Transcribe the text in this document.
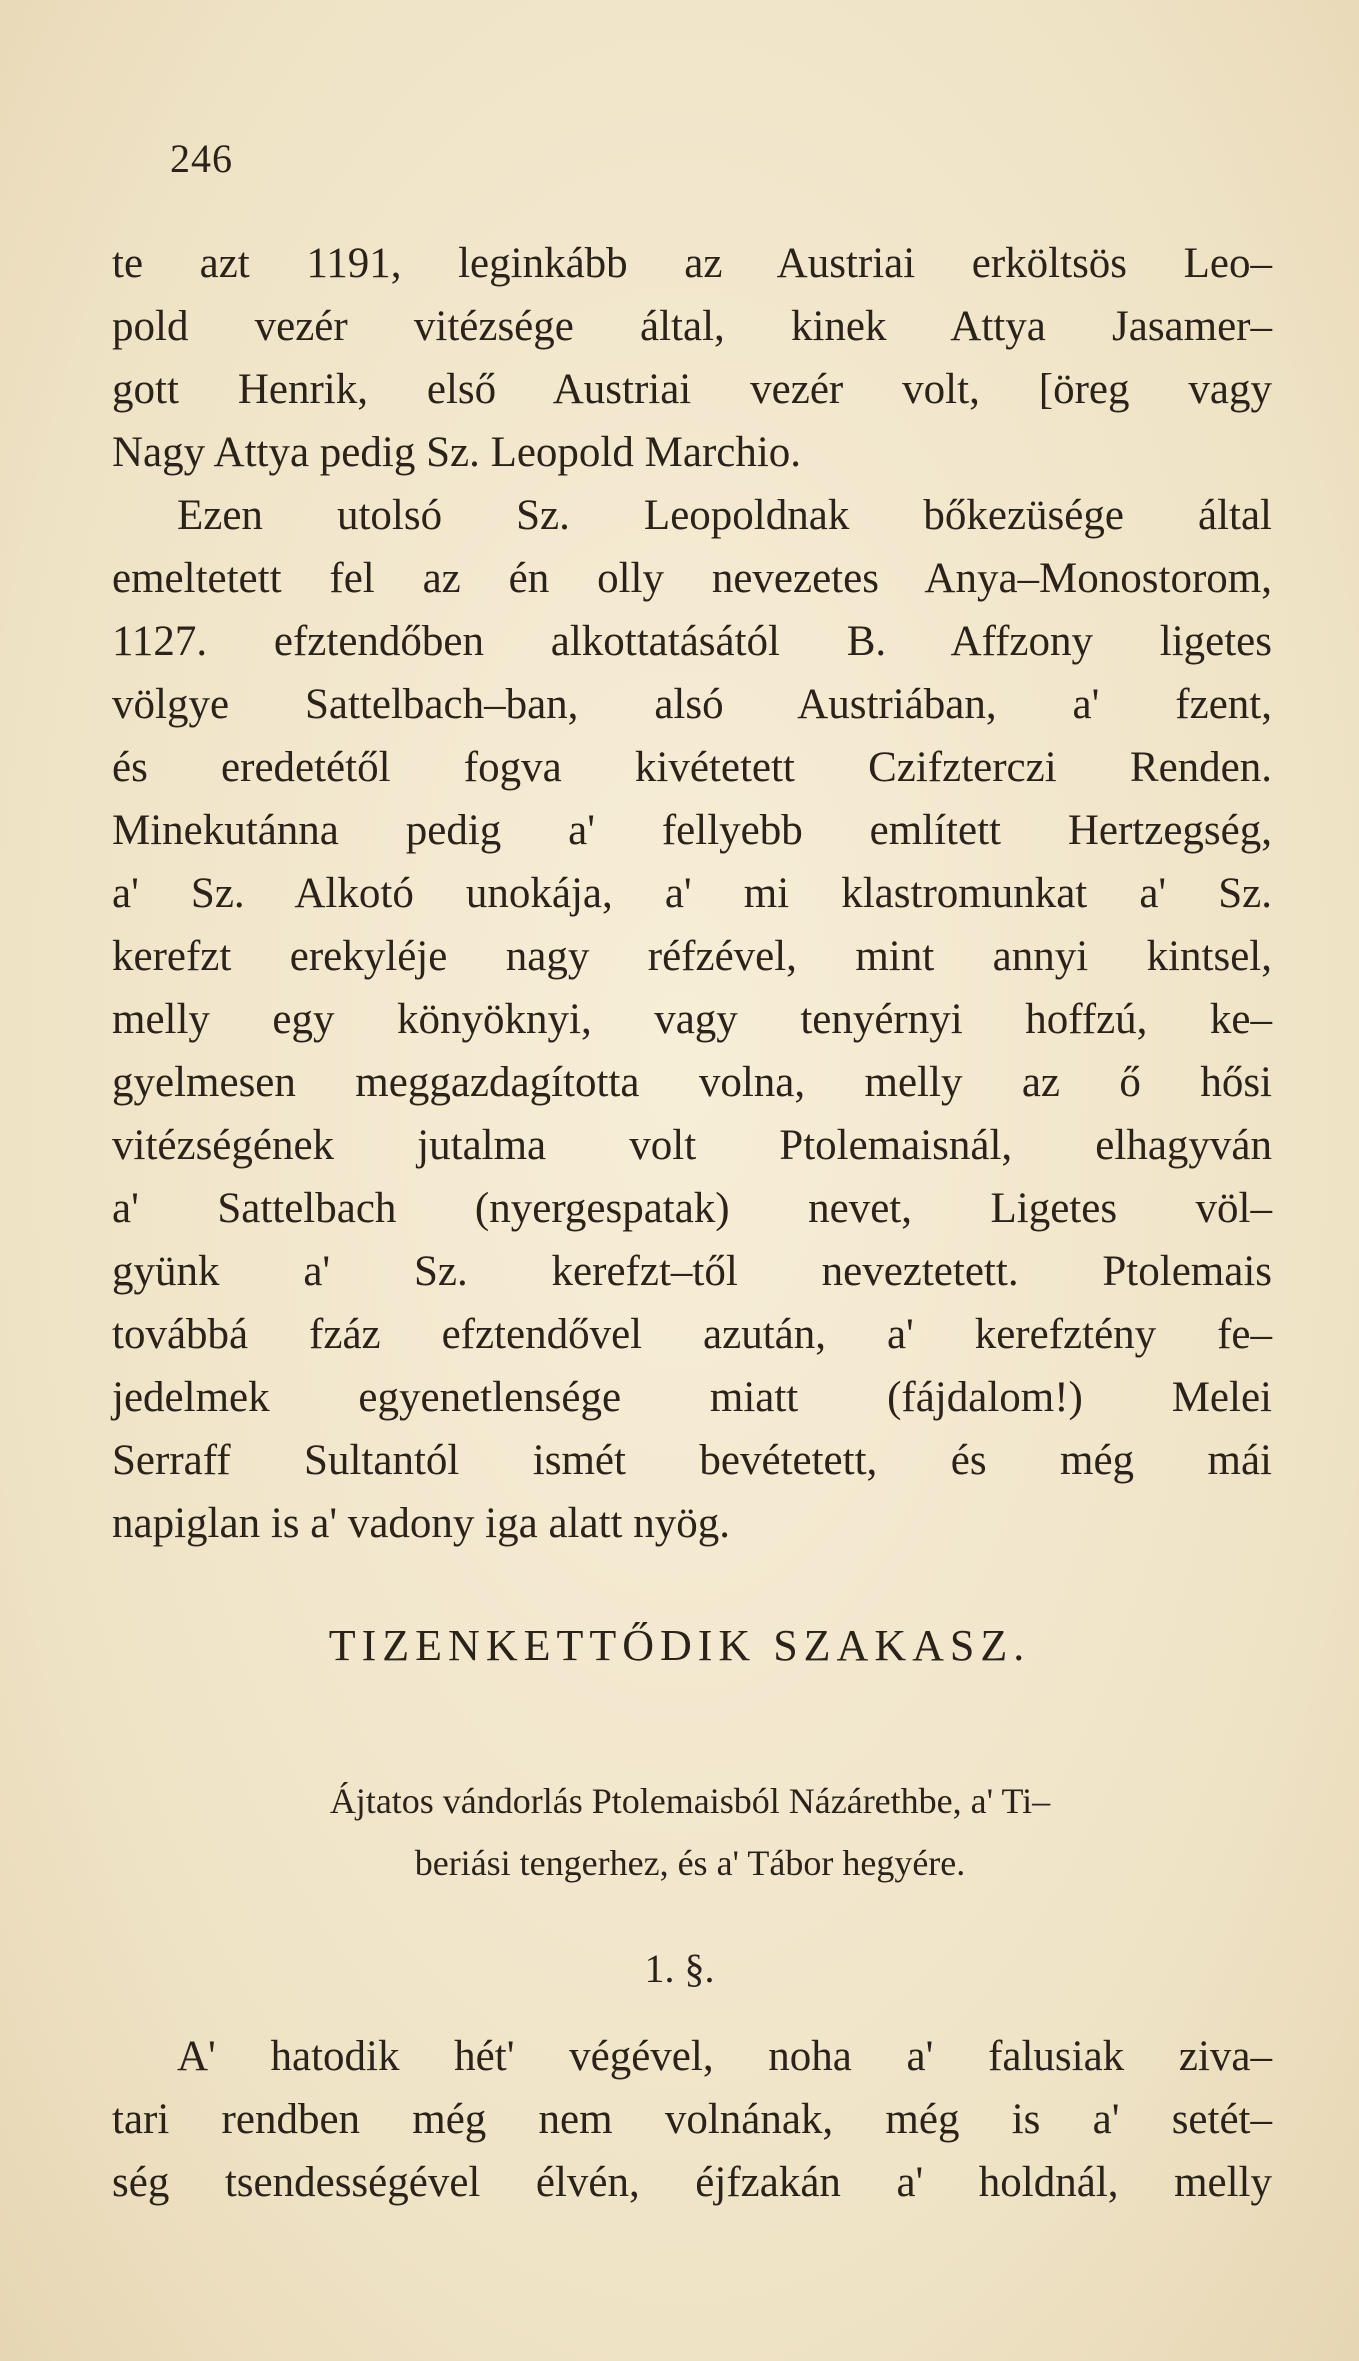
246
te azt 1191, leginkább az Austriai erköltsös Leo–
pold vezér vitézsége által, kinek Attya Jasamer–
gott Henrik, első Austriai vezér volt, [öreg vagy
Nagy Attya pedig Sz. Leopold Marchio.
Ezen utolsó Sz. Leopoldnak bőkezüsége által
emeltetett fel az én olly nevezetes Anya–Monostorom,
1127. efztendőben alkottatásától B. Affzony ligetes
völgye Sattelbach–ban, alsó Austriában, a' fzent,
és eredetétől fogva kivétetett Czifzterczi Renden.
Minekutánna pedig a' fellyebb említett Hertzegség,
a' Sz. Alkotó unokája, a' mi klastromunkat a' Sz.
kerefzt erekyléje nagy réfzével, mint annyi kintsel,
melly egy könyöknyi, vagy tenyérnyi hoffzú, ke–
gyelmesen meggazdagította volna, melly az ő hősi
vitézségének jutalma volt Ptolemaisnál, elhagyván
a' Sattelbach (nyergespatak) nevet, Ligetes völ–
gyünk a' Sz. kerefzt–től neveztetett. Ptolemais
továbbá fzáz efztendővel azután, a' kerefztény fe–
jedelmek egyenetlensége miatt (fájdalom!) Melei
Serraff Sultantól ismét bevétetett, és még mái
napiglan is a' vadony iga alatt nyög.
TIZENKETTŐDIK SZAKASZ.
Ájtatos vándorlás Ptolemaisból Názárethbe, a' Ti–
beriási tengerhez, és a' Tábor hegyére.
1. §.
A' hatodik hét' végével, noha a' falusiak ziva–
tari rendben még nem volnának, még is a' setét–
ség tsendességével élvén, éjfzakán a' holdnál, melly
